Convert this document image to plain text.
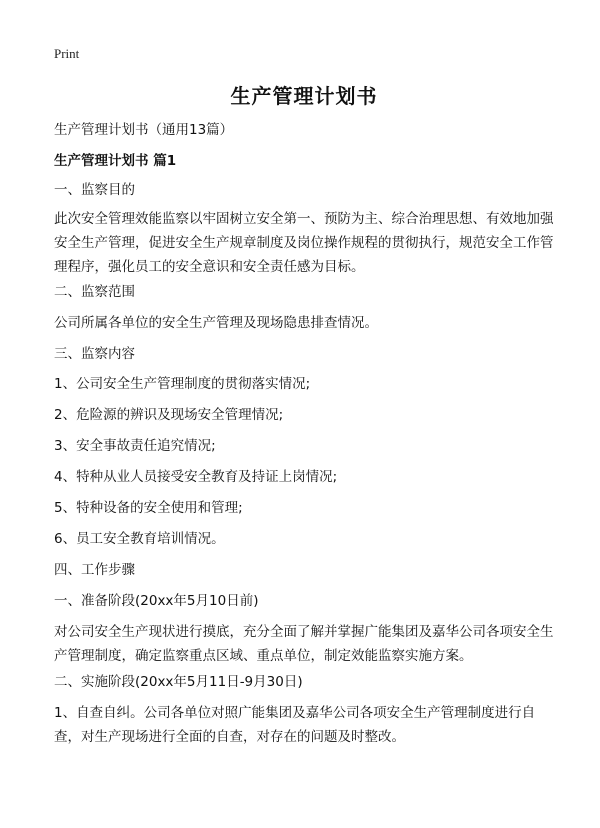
Print
生产管理计划书
生产管理计划书（通用13篇）
生产管理计划书 篇1
一、监察目的
此次安全管理效能监察以牢固树立安全第一、预防为主、综合治理思想、有效地加强安全生产管理，促进安全生产规章制度及岗位操作规程的贯彻执行，规范安全工作管理程序，强化员工的安全意识和安全责任感为目标。
二、监察范围
公司所属各单位的安全生产管理及现场隐患排查情况。
三、监察内容
1、公司安全生产管理制度的贯彻落实情况;
2、危险源的辨识及现场安全管理情况;
3、安全事故责任追究情况;
4、特种从业人员接受安全教育及持证上岗情况;
5、特种设备的安全使用和管理;
6、员工安全教育培训情况。
四、工作步骤
一、准备阶段(20xx年5月10日前)
对公司安全生产现状进行摸底，充分全面了解并掌握广能集团及嘉华公司各项安全生产管理制度，确定监察重点区域、重点单位，制定效能监察实施方案。
二、实施阶段(20xx年5月11日-9月30日)
1、自查自纠。公司各单位对照广能集团及嘉华公司各项安全生产管理制度进行自查，对生产现场进行全面的自查，对存在的问题及时整改。
